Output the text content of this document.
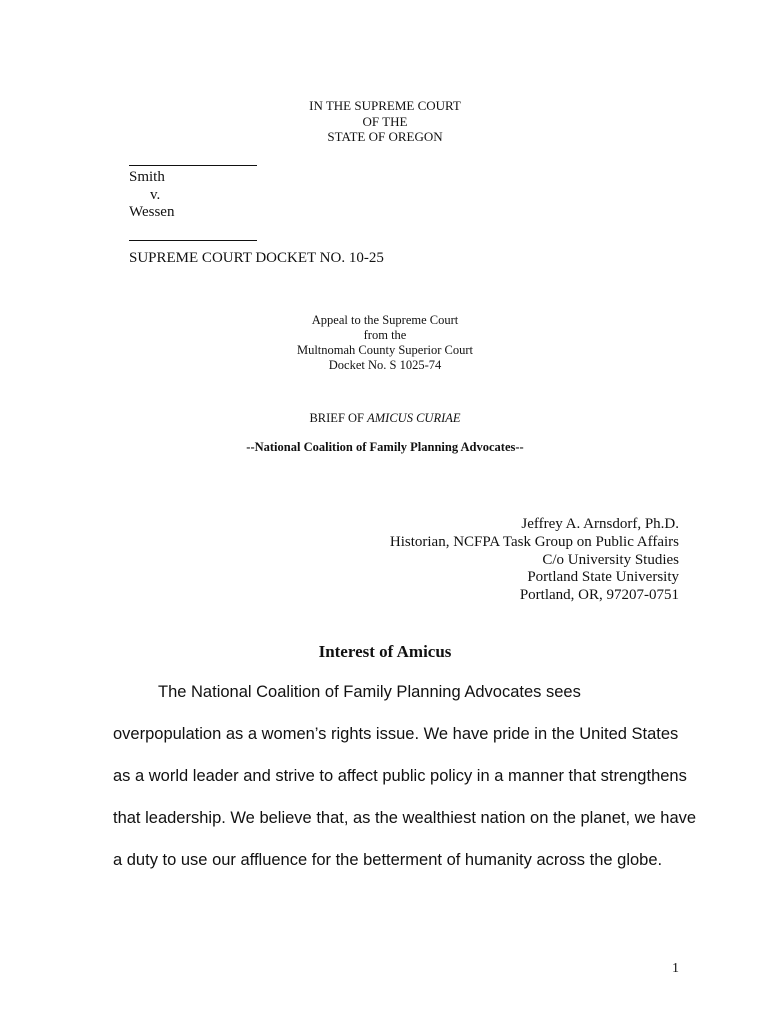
IN THE SUPREME COURT
OF THE
STATE OF OREGON
Smith
v.
Wessen
SUPREME COURT DOCKET NO. 10-25
Appeal to the Supreme Court
from the
Multnomah County Superior Court
Docket No. S 1025-74
BRIEF OF AMICUS CURIAE
--National Coalition of Family Planning Advocates--
Jeffrey A. Arnsdorf, Ph.D.
Historian, NCFPA Task Group on Public Affairs
C/o University Studies
Portland State University
Portland, OR, 97207-0751
Interest of Amicus
The National Coalition of Family Planning Advocates sees
overpopulation as a women’s rights issue. We have pride in the United States
as a world leader and strive to affect public policy in a manner that strengthens
that leadership. We believe that, as the wealthiest nation on the planet, we have
a duty to use our affluence for the betterment of humanity across the globe.
1
